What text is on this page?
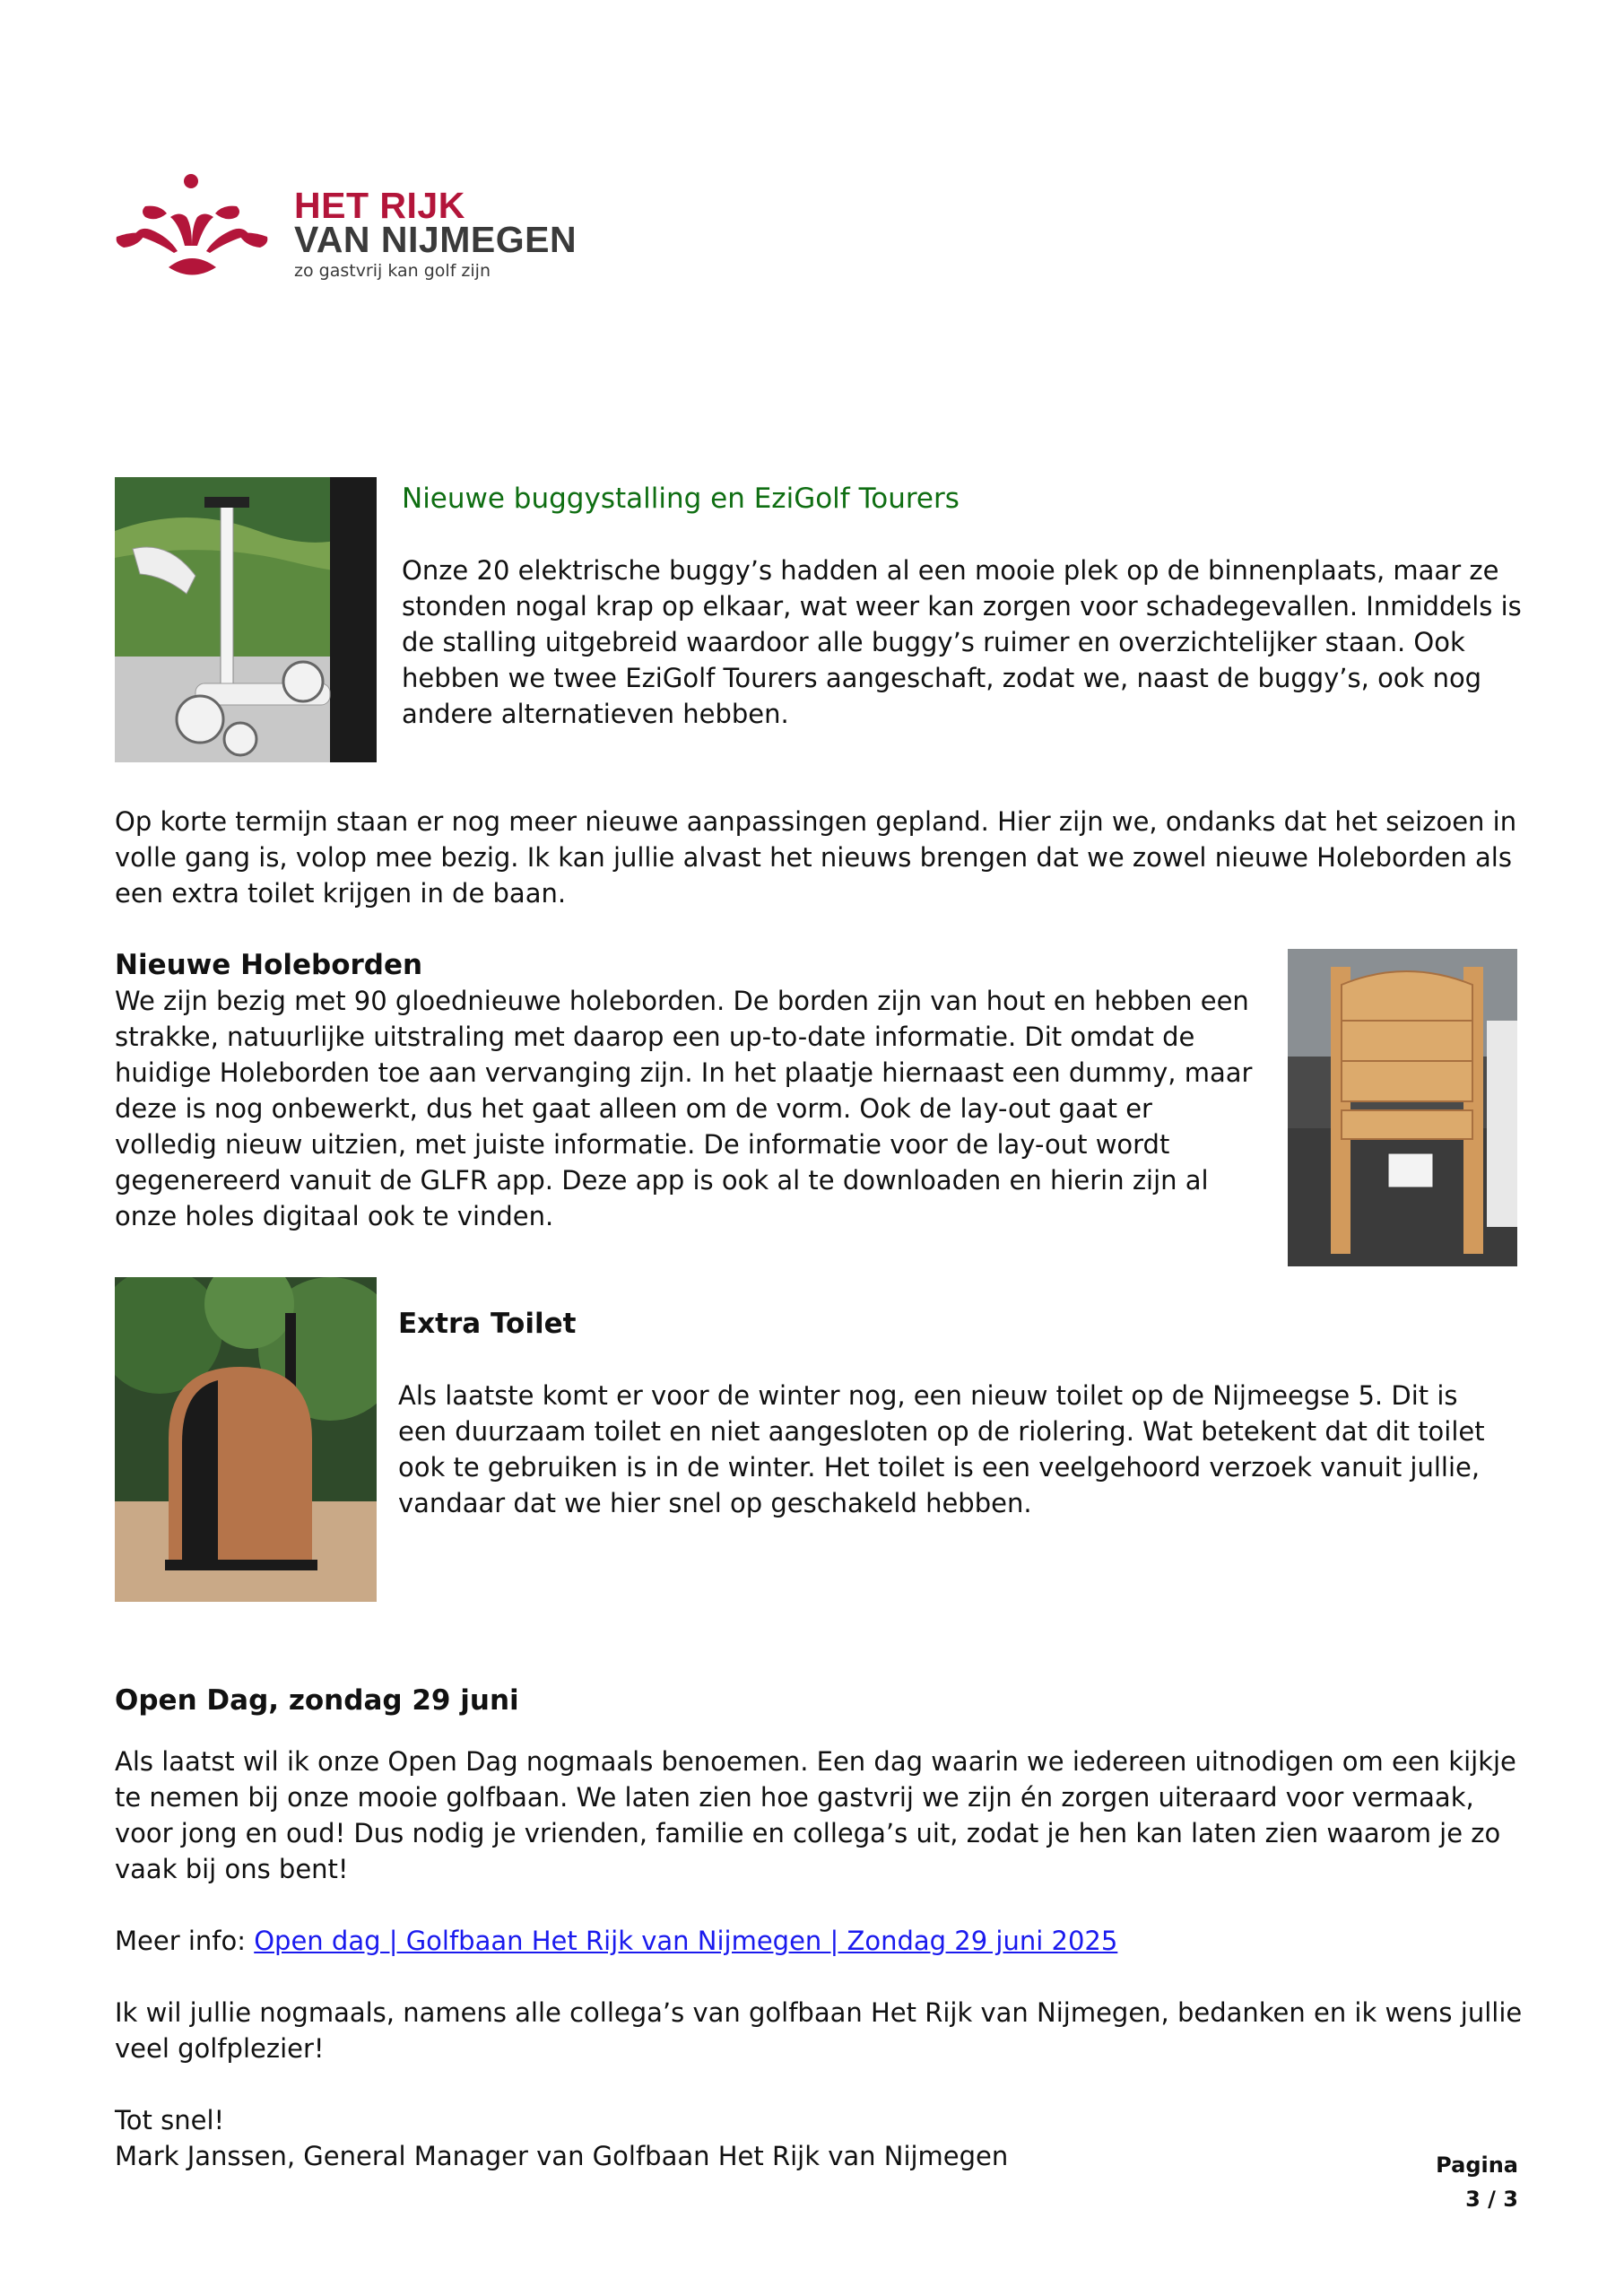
HET RIJK
VAN NIJMEGEN
zo gastvrij kan golf zijn
Nieuwe buggystalling en EziGolf Tourers

Onze 20 elektrische buggy’s hadden al een mooie plek op de binnenplaats, maar ze stonden nogal krap op elkaar, wat weer kan zorgen voor schadegevallen. Inmiddels is de stalling uitgebreid waardoor alle buggy’s ruimer en overzichtelijker staan. Ook hebben we twee EziGolf Tourers aangeschaft, zodat we, naast de buggy’s, ook nog andere alternatieven hebben.

Op korte termijn staan er nog meer nieuwe aanpassingen gepland. Hier zijn we, ondanks dat het seizoen in volle gang is, volop mee bezig. Ik kan jullie alvast het nieuws brengen dat we zowel nieuwe Holeborden als een extra toilet krijgen in de baan.

Nieuwe Holeborden

We zijn bezig met 90 gloednieuwe holeborden. De borden zijn van hout en hebben een strakke, natuurlijke uitstraling met daarop een up-to-date informatie. Dit omdat de huidige Holeborden toe aan vervanging zijn. In het plaatje hiernaast een dummy, maar deze is nog onbewerkt, dus het gaat alleen om de vorm. Ook de lay-out gaat er volledig nieuw uitzien, met juiste informatie. De informatie voor de lay-out wordt gegenereerd vanuit de GLFR app. Deze app is ook al te downloaden en hierin zijn al onze holes digitaal ook te vinden.

Extra Toilet

Als laatste komt er voor de winter nog, een nieuw toilet op de Nijmeegse 5. Dit is een duurzaam toilet en niet aangesloten op de riolering. Wat betekent dat dit toilet ook te gebruiken is in de winter. Het toilet is een veelgehoord verzoek vanuit jullie, vandaar dat we hier snel op geschakeld hebben.

Open Dag, zondag 29 juni

Als laatst wil ik onze Open Dag nogmaals benoemen. Een dag waarin we iedereen uitnodigen om een kijkje te nemen bij onze mooie golfbaan. We laten zien hoe gastvrij we zijn én zorgen uiteraard voor vermaak, voor jong en oud! Dus nodig je vrienden, familie en collega’s uit, zodat je hen kan laten zien waarom je zo vaak bij ons bent!

Meer info: Open dag | Golfbaan Het Rijk van Nijmegen | Zondag 29 juni 2025

Ik wil jullie nogmaals, namens alle collega’s van golfbaan Het Rijk van Nijmegen, bedanken en ik wens jullie veel golfplezier!

Tot snel!
Mark Janssen, General Manager van Golfbaan Het Rijk van Nijmegen	Pagina
3 / 3
